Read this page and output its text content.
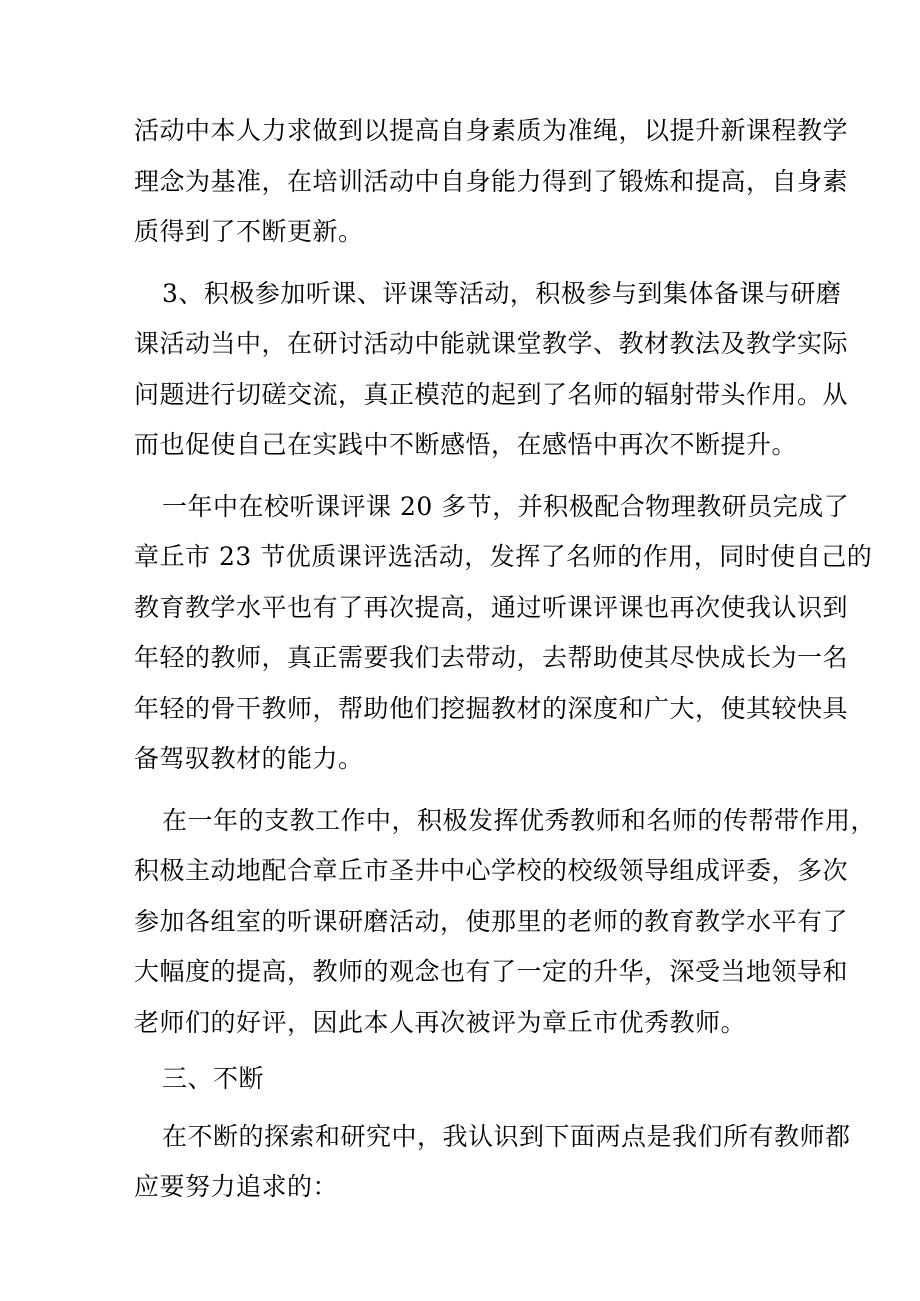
活动中本人力求做到以提高自身素质为准绳，以提升新课程教学
理念为基准，在培训活动中自身能力得到了锻炼和提高，自身素
质得到了不断更新。
3、积极参加听课、评课等活动，积极参与到集体备课与研磨
课活动当中，在研讨活动中能就课堂教学、教材教法及教学实际
问题进行切磋交流，真正模范的起到了名师的辐射带头作用。从
而也促使自己在实践中不断感悟，在感悟中再次不断提升。
一年中在校听课评课 20 多节，并积极配合物理教研员完成了
章丘市 23 节优质课评选活动，发挥了名师的作用，同时使自己的
教育教学水平也有了再次提高，通过听课评课也再次使我认识到
年轻的教师，真正需要我们去带动，去帮助使其尽快成长为一名
年轻的骨干教师，帮助他们挖掘教材的深度和广大，使其较快具
备驾驭教材的能力。
在一年的支教工作中，积极发挥优秀教师和名师的传帮带作用，
积极主动地配合章丘市圣井中心学校的校级领导组成评委，多次
参加各组室的听课研磨活动，使那里的老师的教育教学水平有了
大幅度的提高，教师的观念也有了一定的升华，深受当地领导和
老师们的好评，因此本人再次被评为章丘市优秀教师。
三、不断
在不断的探索和研究中，我认识到下面两点是我们所有教师都
应要努力追求的：
